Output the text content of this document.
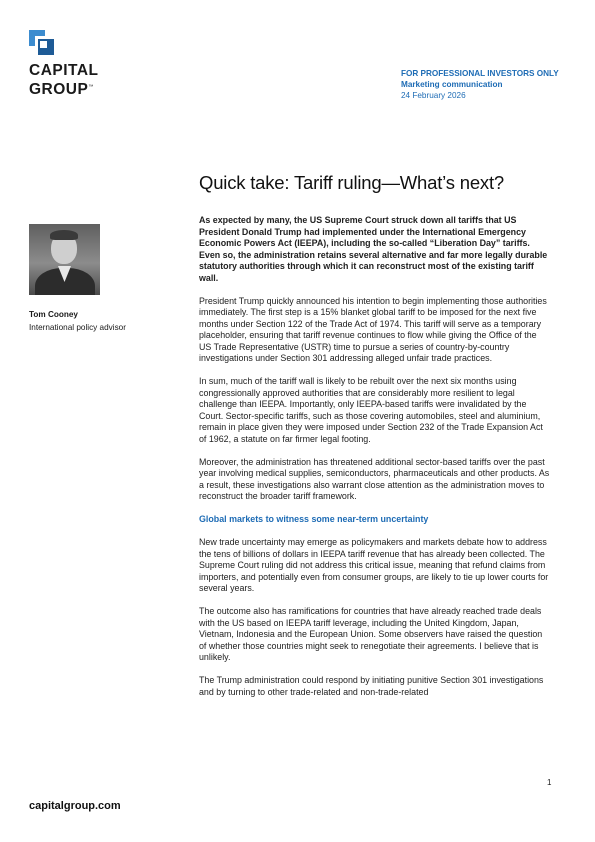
CAPITAL
GROUP™
FOR PROFESSIONAL INVESTORS ONLY
Marketing communication
24 February 2026
Quick take: Tariff ruling—What’s next?
Tom Cooney
International policy advisor

As expected by many, the US Supreme Court struck down all tariffs that US President Donald Trump had implemented under the International Emergency Economic Powers Act (IEEPA), including the so-called “Liberation Day” tariffs. Even so, the administration retains several alternative and far more legally durable statutory authorities through which it can reconstruct most of the existing tariff wall.

President Trump quickly announced his intention to begin implementing those authorities immediately. The first step is a 15% blanket global tariff to be imposed for the next five months under Section 122 of the Trade Act of 1974. This tariff will serve as a temporary placeholder, ensuring that tariff revenue continues to flow while giving the Office of the US Trade Representative (USTR) time to pursue a series of country-by-country investigations under Section 301 addressing alleged unfair trade practices.

In sum, much of the tariff wall is likely to be rebuilt over the next six months using congressionally approved authorities that are considerably more resilient to legal challenge than IEEPA. Importantly, only IEEPA-based tariffs were invalidated by the Court. Sector-specific tariffs, such as those covering automobiles, steel and aluminium, remain in place given they were imposed under Section 232 of the Trade Expansion Act of 1962, a statute on far firmer legal footing.

Moreover, the administration has threatened additional sector-based tariffs over the past year involving medical supplies, semiconductors, pharmaceuticals and other products. As a result, these investigations also warrant close attention as the administration moves to reconstruct the broader tariff framework.

Global markets to witness some near-term uncertainty

New trade uncertainty may emerge as policymakers and markets debate how to address the tens of billions of dollars in IEEPA tariff revenue that has already been collected. The Supreme Court ruling did not address this critical issue, meaning that refund claims from importers, and potentially even from consumer groups, are likely to tie up lower courts for several years.

The outcome also has ramifications for countries that have already reached trade deals with the US based on IEEPA tariff leverage, including the United Kingdom, Japan, Vietnam, Indonesia and the European Union. Some observers have raised the question of whether those countries might seek to renegotiate their agreements. I believe that is unlikely.

The Trump administration could respond by initiating punitive Section 301 investigations and by turning to other trade-related and non-trade-related

1
capitalgroup.com
